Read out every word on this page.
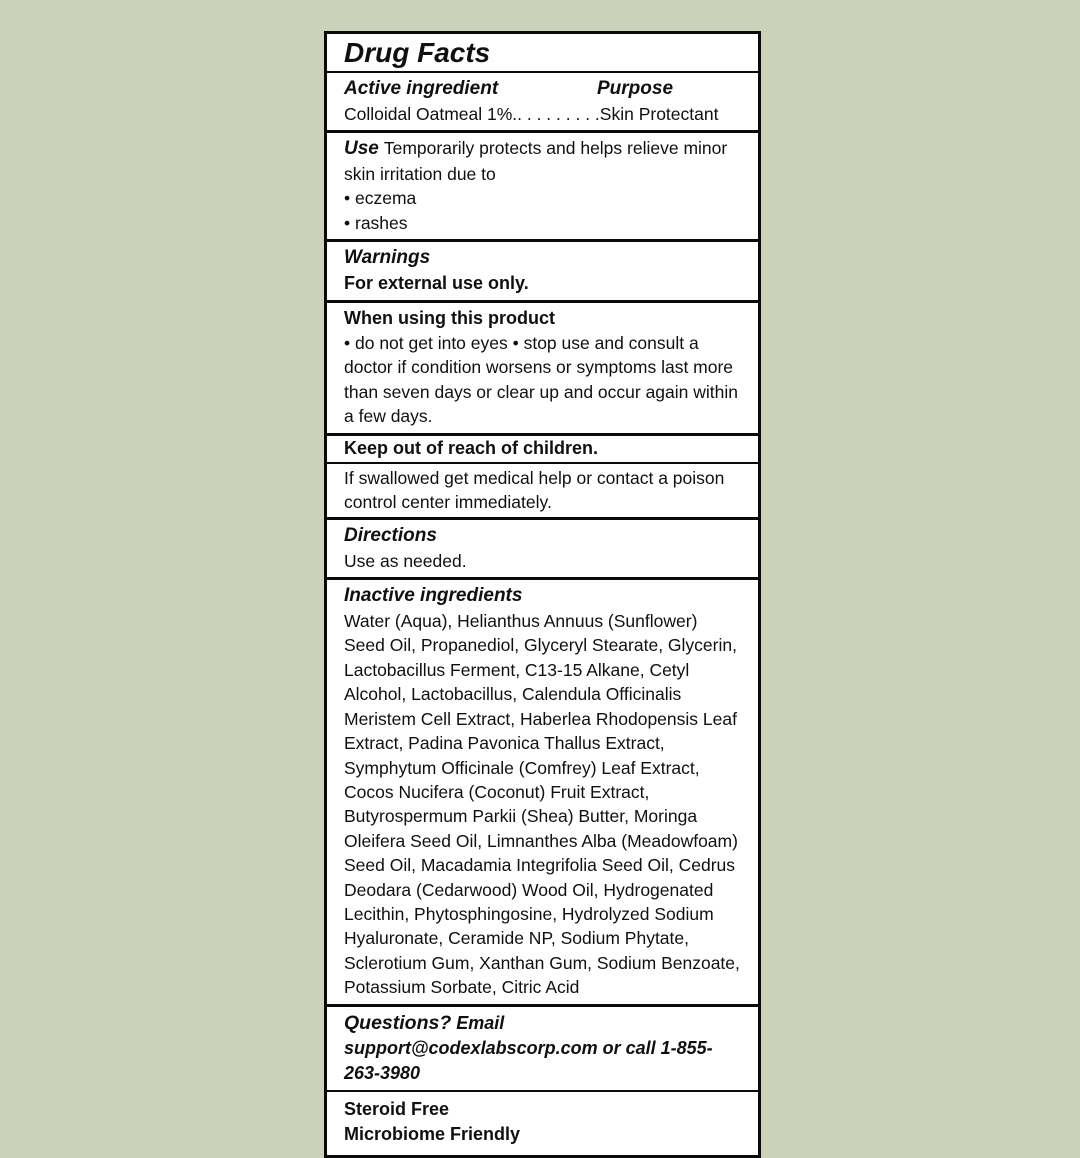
Drug Facts
Active ingredient	Purpose
Colloidal Oatmeal 1%.. . . . . . . . .Skin Protectant

Use Temporarily protects and helps relieve minor skin irritation due to

• eczema
• rashes
Warnings
For external use only.
When using this product

• do not get into eyes • stop use and consult a doctor if condition worsens or symptoms last more than seven days or clear up and occur again within a few days.

Keep out of reach of children.
If swallowed get medical help or contact a poison control center immediately.
Directions
Use as needed.
Inactive ingredients

Water (Aqua), Helianthus Annuus (Sunflower) Seed Oil, Propanediol, Glyceryl Stearate, Glycerin, Lactobacillus Ferment, C13-15 Alkane, Cetyl Alcohol, Lactobacillus, Calendula Officinalis Meristem Cell Extract, Haberlea Rhodopensis Leaf Extract, Padina Pavonica Thallus Extract, Symphytum Officinale (Comfrey) Leaf Extract, Cocos Nucifera (Coconut) Fruit Extract, Butyrospermum Parkii (Shea) Butter, Moringa Oleifera Seed Oil, Limnanthes Alba (Meadowfoam) Seed Oil, Macadamia Integrifolia Seed Oil, Cedrus Deodara (Cedarwood) Wood Oil, Hydrogenated Lecithin, Phytosphingosine, Hydrolyzed Sodium Hyaluronate, Ceramide NP, Sodium Phytate, Sclerotium Gum, Xanthan Gum, Sodium Benzoate, Potassium Sorbate, Citric Acid

Questions? Email support@codexlabscorp.com or call 1-855-263-3980
Steroid Free
Microbiome Friendly
